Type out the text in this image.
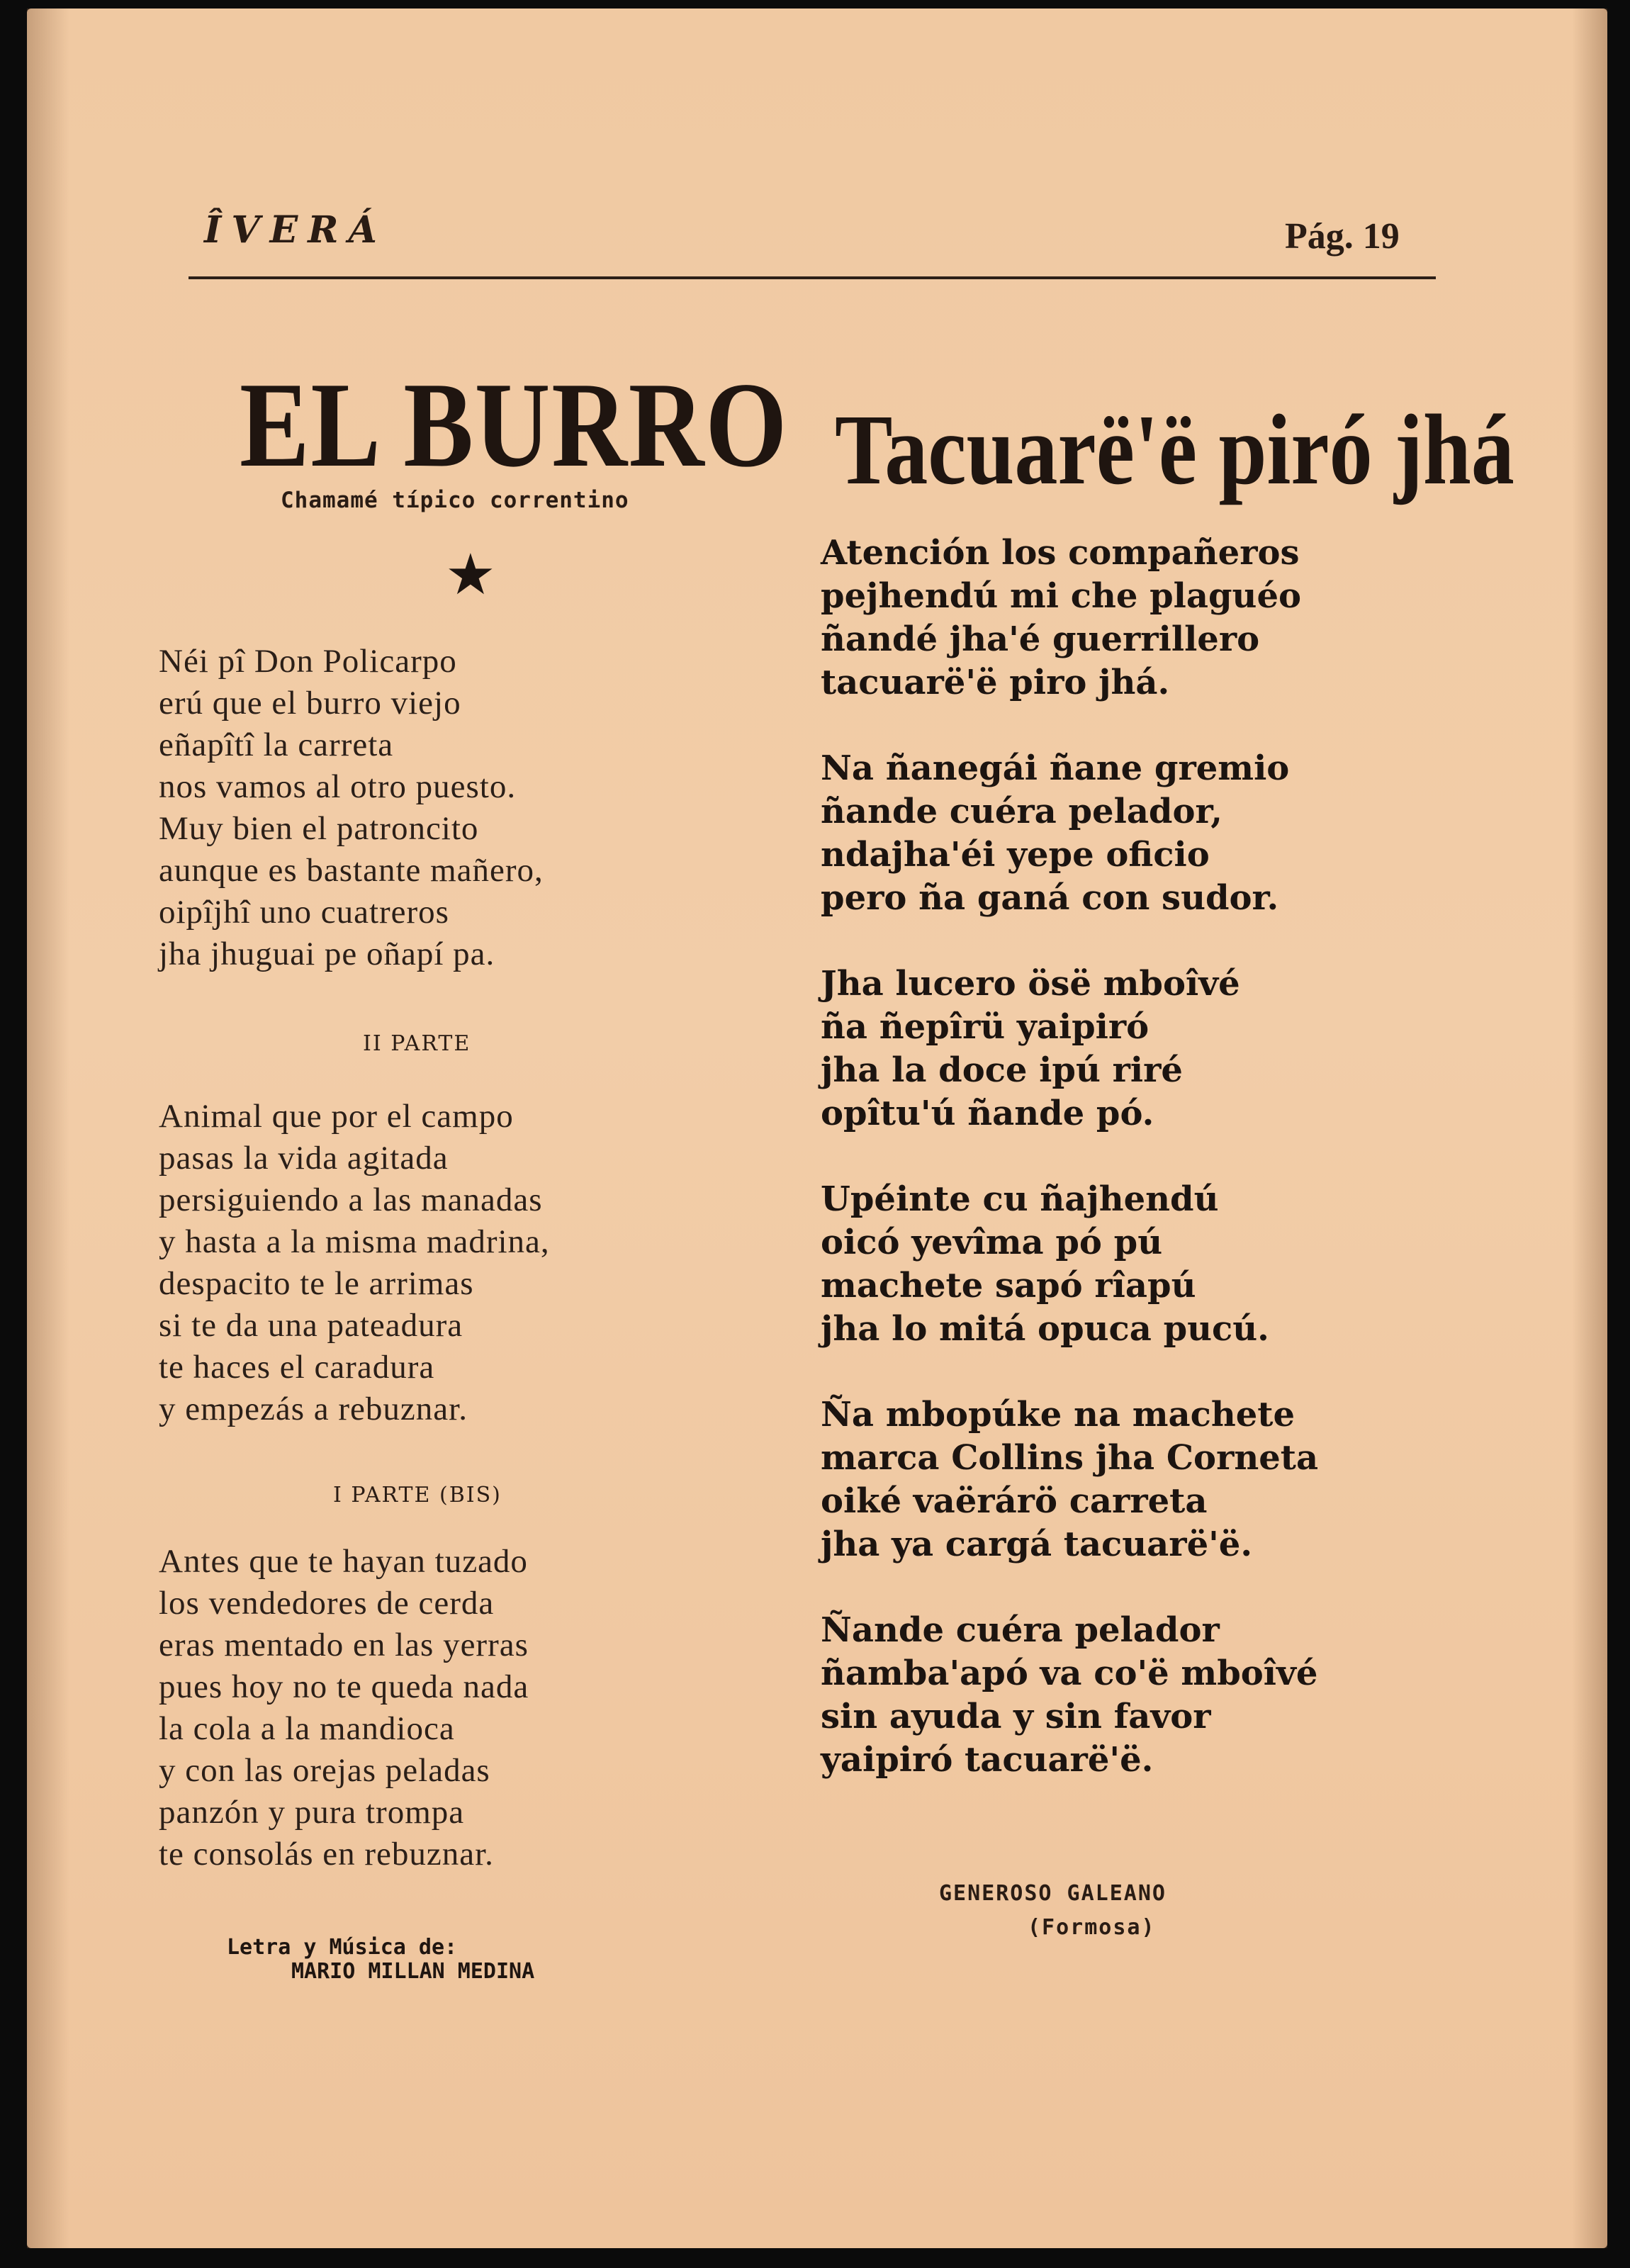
ÎVERÁ	Pág. 19
EL BURRO
Chamamé típico correntino
★
Néi pî Don Policarpo
erú que el burro viejo
eñapîtî la carreta
nos vamos al otro puesto.
Muy bien el patroncito
aunque es bastante mañero,
oipîjhî uno cuatreros
jha jhuguai pe oñapí pa.
II PARTE
Animal que por el campo
pasas la vida agitada
persiguiendo a las manadas
y hasta a la misma madrina,
despacito te le arrimas
si te da una pateadura
te haces el caradura
y empezás a rebuznar.
I PARTE (BIS)
Antes que te hayan tuzado
los vendedores de cerda
eras mentado en las yerras
pues hoy no te queda nada
la cola a la mandioca
y con las orejas peladas
panzón y pura trompa
te consolás en rebuznar.
Letra y Música de:
MARIO MILLAN MEDINA
Tacuarë'ë piró jhá
Atención los compañeros
pejhendú mi che plaguéo
ñandé jha'é guerrillero
tacuarë'ë piro jhá.
Na ñanegái ñane gremio
ñande cuéra pelador,
ndajha'éi yepe oficio
pero ña ganá con sudor.
Jha lucero ösë mboîvé
ña ñepîrü yaipiró
jha la doce ipú riré
opîtu'ú ñande pó.
Upéinte cu ñajhendú
oicó yevîma pó pú
machete sapó rîapú
jha lo mitá opuca pucú.
Ña mbopúke na machete
marca Collins jha Corneta
oiké vaërárö carreta
jha ya cargá tacuarë'ë.
Ñande cuéra pelador
ñamba'apó va co'ë mboîvé
sin ayuda y sin favor
yaipiró tacuarë'ë.
GENEROSO GALEANO
(Formosa)
